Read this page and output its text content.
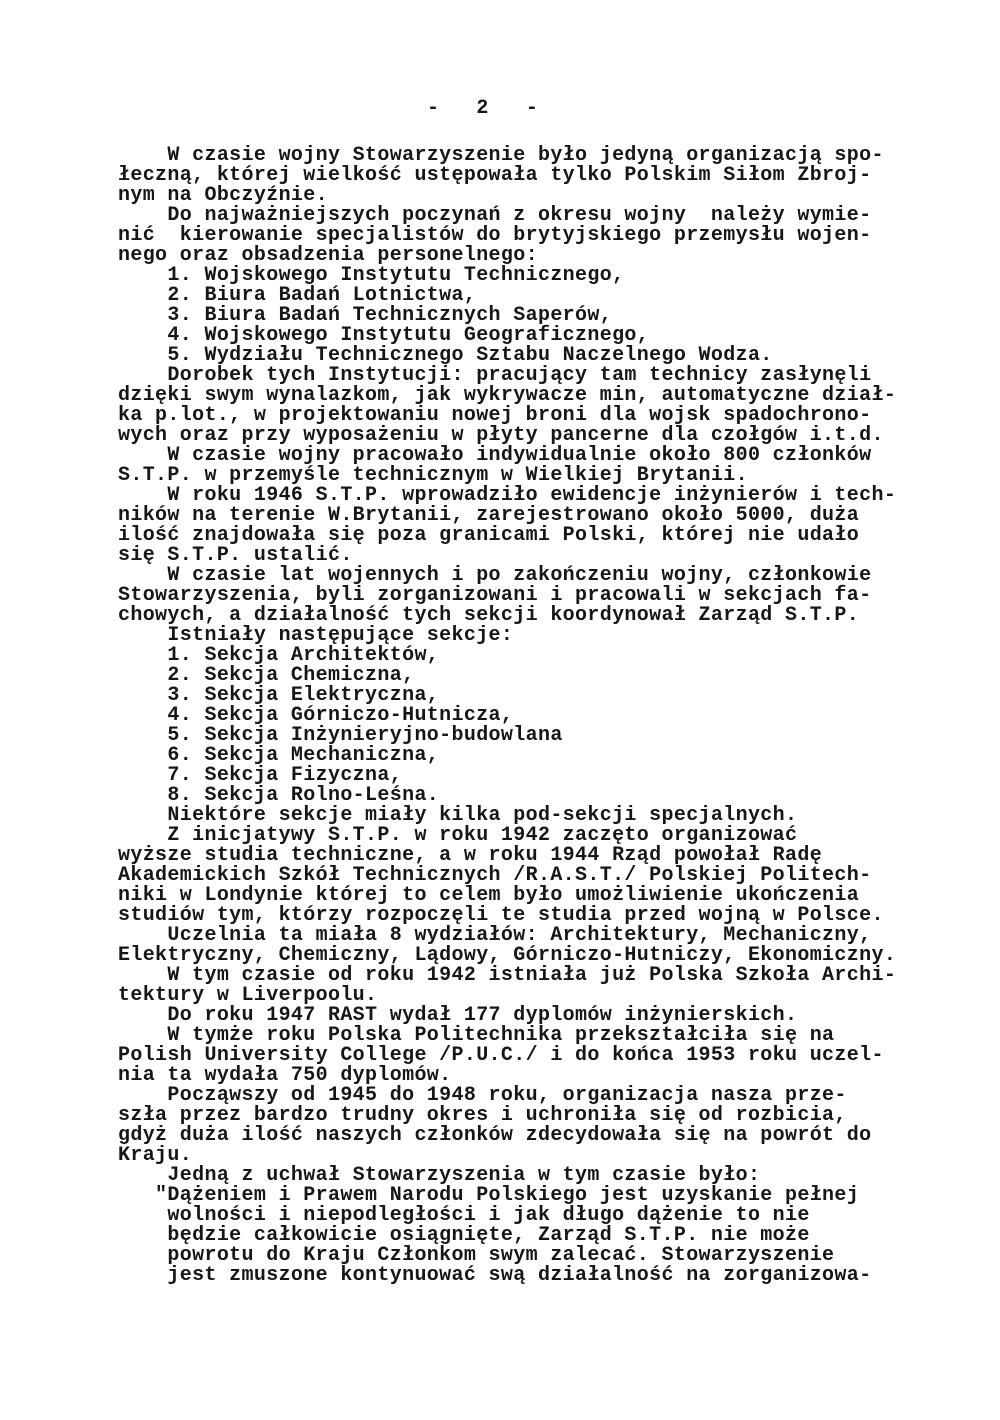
-   2   -
W czasie wojny Stowarzyszenie było jedyną organizacją spo-
łeczną, której wielkość ustępowała tylko Polskim Siłom Zbroj-
nym na Obczyźnie.
Do najważniejszych poczynań z okresu wojny  należy wymie-
nić  kierowanie specjalistów do brytyjskiego przemysłu wojen-
nego oraz obsadzenia personelnego:
1. Wojskowego Instytutu Technicznego,
2. Biura Badań Lotnictwa,
3. Biura Badań Technicznych Saperów,
4. Wojskowego Instytutu Geograficznego,
5. Wydziału Technicznego Sztabu Naczelnego Wodza.
Dorobek tych Instytucji: pracujący tam technicy zasłynęli
dzięki swym wynalazkom, jak wykrywacze min, automatyczne dział-
ka p.lot., w projektowaniu nowej broni dla wojsk spadochrono-
wych oraz przy wyposażeniu w płyty pancerne dla czołgów i.t.d.
W czasie wojny pracowało indywidualnie około 800 członków
S.T.P. w przemyśle technicznym w Wielkiej Brytanii.
W roku 1946 S.T.P. wprowadziło ewidencje inżynierów i tech-
ników na terenie W.Brytanii, zarejestrowano około 5000, duża
ilość znajdowała się poza granicami Polski, której nie udało
się S.T.P. ustalić.
W czasie lat wojennych i po zakończeniu wojny, członkowie
Stowarzyszenia, byli zorganizowani i pracowali w sekcjach fa-
chowych, a działalność tych sekcji koordynował Zarząd S.T.P.
Istniały następujące sekcje:
1. Sekcja Architektów,
2. Sekcja Chemiczna,
3. Sekcja Elektryczna,
4. Sekcja Górniczo-Hutnicza,
5. Sekcja Inżynieryjno-budowlana
6. Sekcja Mechaniczna,
7. Sekcja Fizyczna,
8. Sekcja Rolno-Leśna.
Niektóre sekcje miały kilka pod-sekcji specjalnych.
Z inicjatywy S.T.P. w roku 1942 zaczęto organizować
wyższe studia techniczne, a w roku 1944 Rząd powołał Radę
Akademickich Szkół Technicznych /R.A.S.T./ Polskiej Politech-
niki w Londynie której to celem było umożliwienie ukończenia
studiów tym, którzy rozpoczęli te studia przed wojną w Polsce.
Uczelnia ta miała 8 wydziałów: Architektury, Mechaniczny,
Elektryczny, Chemiczny, Lądowy, Górniczo-Hutniczy, Ekonomiczny.
W tym czasie od roku 1942 istniała już Polska Szkoła Archi-
tektury w Liverpoolu.
Do roku 1947 RAST wydał 177 dyplomów inżynierskich.
W tymże roku Polska Politechnika przekształciła się na
Polish University College /P.U.C./ i do końca 1953 roku uczel-
nia ta wydała 750 dyplomów.
Począwszy od 1945 do 1948 roku, organizacja nasza prze-
szła przez bardzo trudny okres i uchroniła się od rozbicia,
gdyż duża ilość naszych członków zdecydowała się na powrót do
Kraju.
Jedną z uchwał Stowarzyszenia w tym czasie było:
"Dążeniem i Prawem Narodu Polskiego jest uzyskanie pełnej
wolności i niepodległości i jak długo dążenie to nie
będzie całkowicie osiągnięte, Zarząd S.T.P. nie może
powrotu do Kraju Członkom swym zalecać. Stowarzyszenie
jest zmuszone kontynuować swą działalność na zorganizowa-
